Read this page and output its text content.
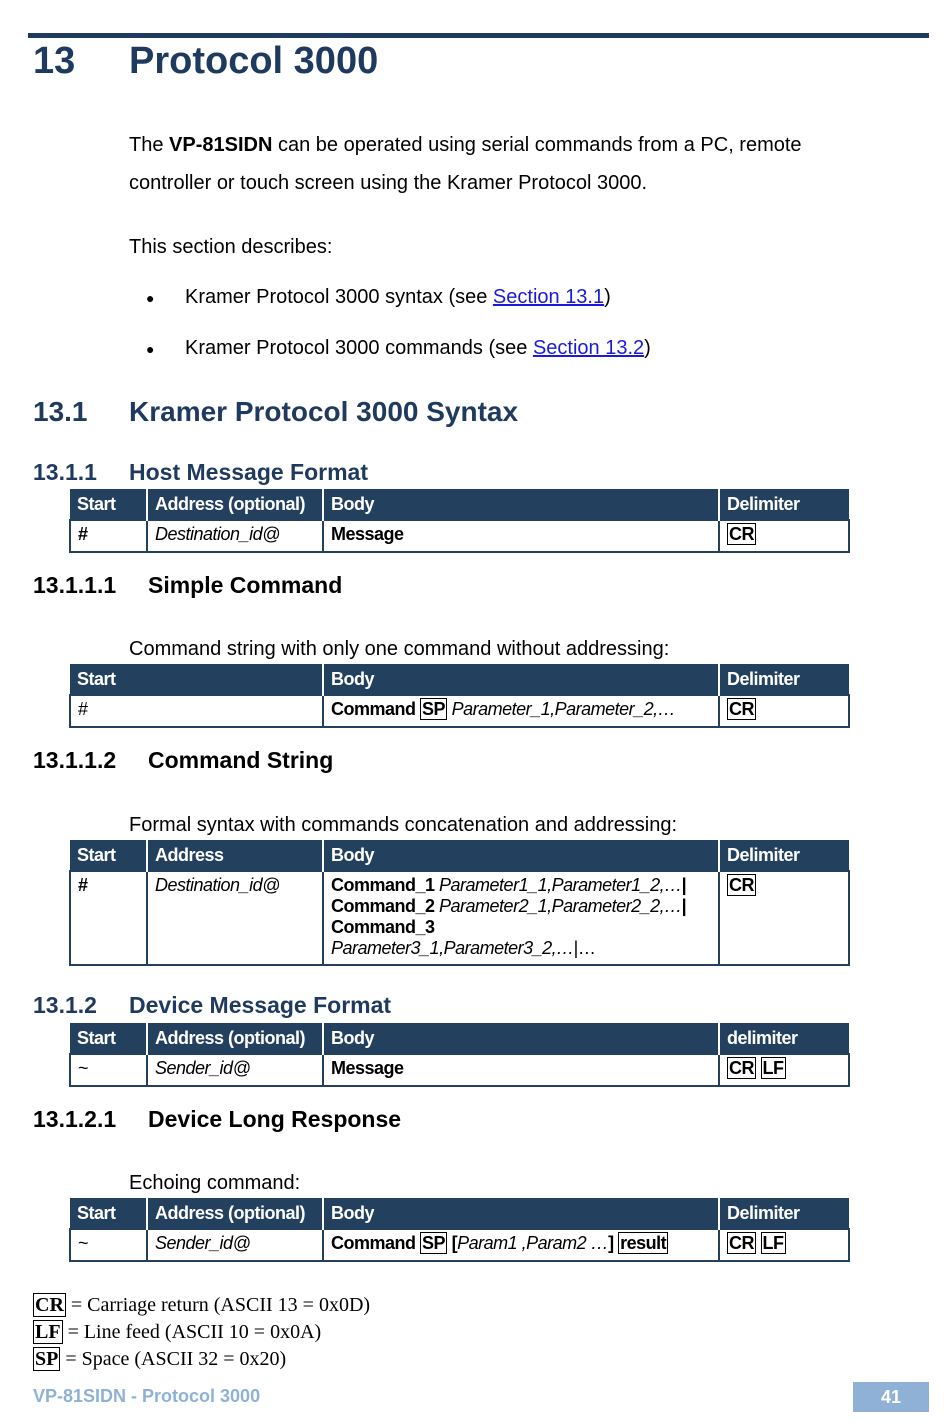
13 Protocol 3000

The VP-81SIDN can be operated using serial commands from a PC, remote controller or touch screen using the Kramer Protocol 3000.

This section describes:

● Kramer Protocol 3000 syntax (see Section 13.1)
● Kramer Protocol 3000 commands (see Section 13.2)
13.1 Kramer Protocol 3000 Syntax
13.1.1 Host Message Format
Start	Address (optional)	Body	Delimiter
#	Destination_id@	Message	CR
13.1.1.1 Simple Command

Command string with only one command without addressing:

Start	Body	Delimiter
#	Command SP Parameter_1,Parameter_2,…	CR
13.1.1.2 Command String

Formal syntax with commands concatenation and addressing:

Start	Address	Body	Delimiter
#	Destination_id@	Command_1 Parameter1_1,Parameter1_2,…|
Command_2 Parameter2_1,Parameter2_2,…|
Command_3
Parameter3_1,Parameter3_2,…|…	CR
13.1.2 Device Message Format
Start	Address (optional)	Body	delimiter
~	Sender_id@	Message	CR LF
13.1.2.1 Device Long Response

Echoing command:

Start	Address (optional)	Body	Delimiter
~	Sender_id@	Command SP [Param1 ,Param2 …] result	CR LF
CR = Carriage return (ASCII 13 = 0x0D)
LF = Line feed (ASCII 10 = 0x0A)
SP = Space (ASCII 32 = 0x20)
VP-81SIDN - Protocol 3000	41
